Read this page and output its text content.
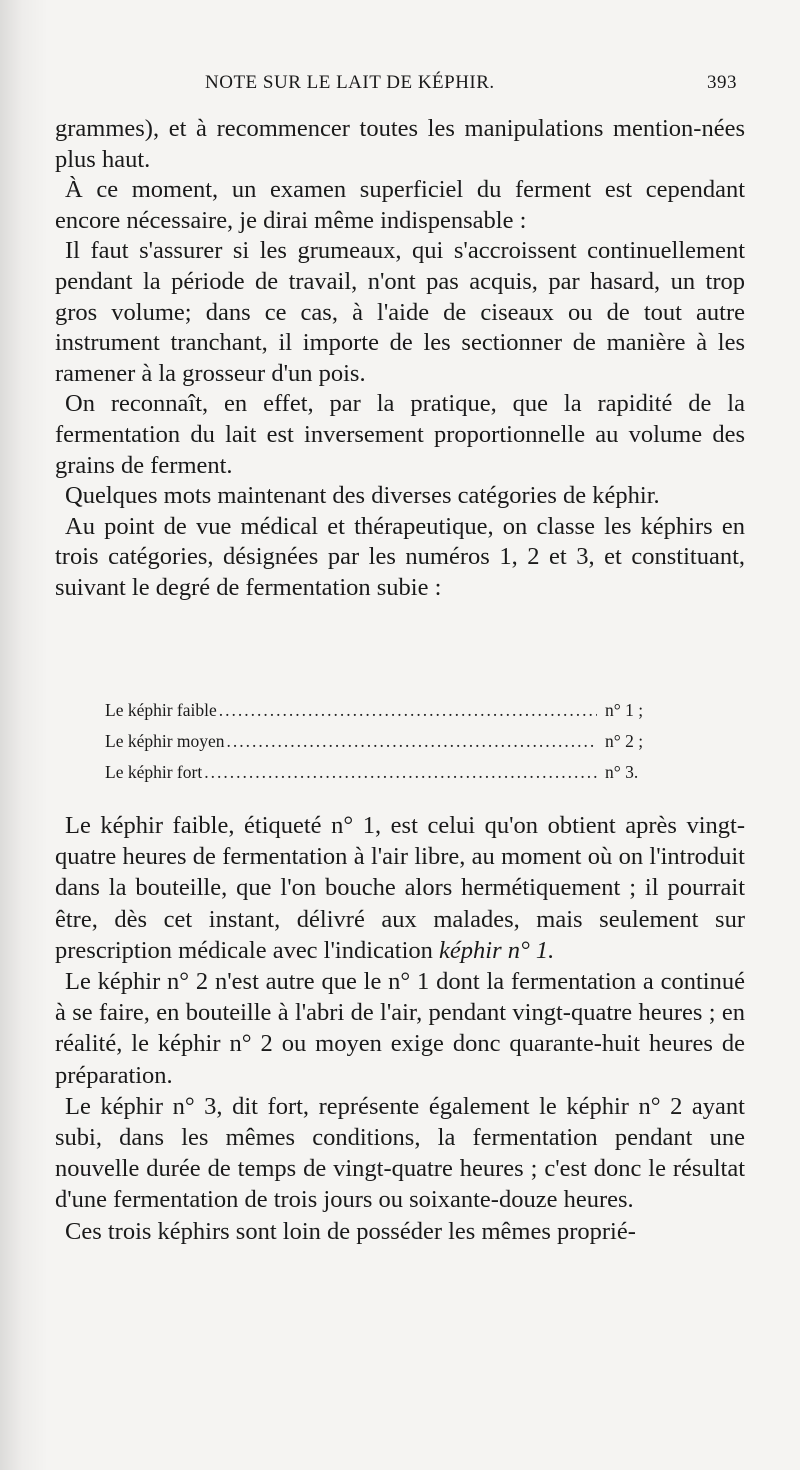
NOTE SUR LE LAIT DE KÉPHIR.	393

grammes), et à recommencer toutes les manipulations mention-nées plus haut.

À ce moment, un examen superficiel du ferment est cependant encore nécessaire, je dirai même indispensable :

Il faut s'assurer si les grumeaux, qui s'accroissent continuellement pendant la période de travail, n'ont pas acquis, par hasard, un trop gros volume; dans ce cas, à l'aide de ciseaux ou de tout autre instrument tranchant, il importe de les sectionner de manière à les ramener à la grosseur d'un pois.

On reconnaît, en effet, par la pratique, que la rapidité de la fermentation du lait est inversement proportionnelle au volume des grains de ferment.

Quelques mots maintenant des diverses catégories de képhir.

Au point de vue médical et thérapeutique, on classe les képhirs en trois catégories, désignées par les numéros 1, 2 et 3, et constituant, suivant le degré de fermentation subie :

Le képhir faible .....	n° 1 ;
Le képhir moyen .....	n° 2 ;
Le képhir fort .....	n° 3.

Le képhir faible, étiqueté n° 1, est celui qu'on obtient après vingt-quatre heures de fermentation à l'air libre, au moment où on l'introduit dans la bouteille, que l'on bouche alors hermétiquement ; il pourrait être, dès cet instant, délivré aux malades, mais seulement sur prescription médicale avec l'indication képhir n° 1.

Le képhir n° 2 n'est autre que le n° 1 dont la fermentation a continué à se faire, en bouteille à l'abri de l'air, pendant vingt-quatre heures ; en réalité, le képhir n° 2 ou moyen exige donc quarante-huit heures de préparation.

Le képhir n° 3, dit fort, représente également le képhir n° 2 ayant subi, dans les mêmes conditions, la fermentation pendant une nouvelle durée de temps de vingt-quatre heures ; c'est donc le résultat d'une fermentation de trois jours ou soixante-douze heures.

Ces trois képhirs sont loin de posséder les mêmes proprié-
